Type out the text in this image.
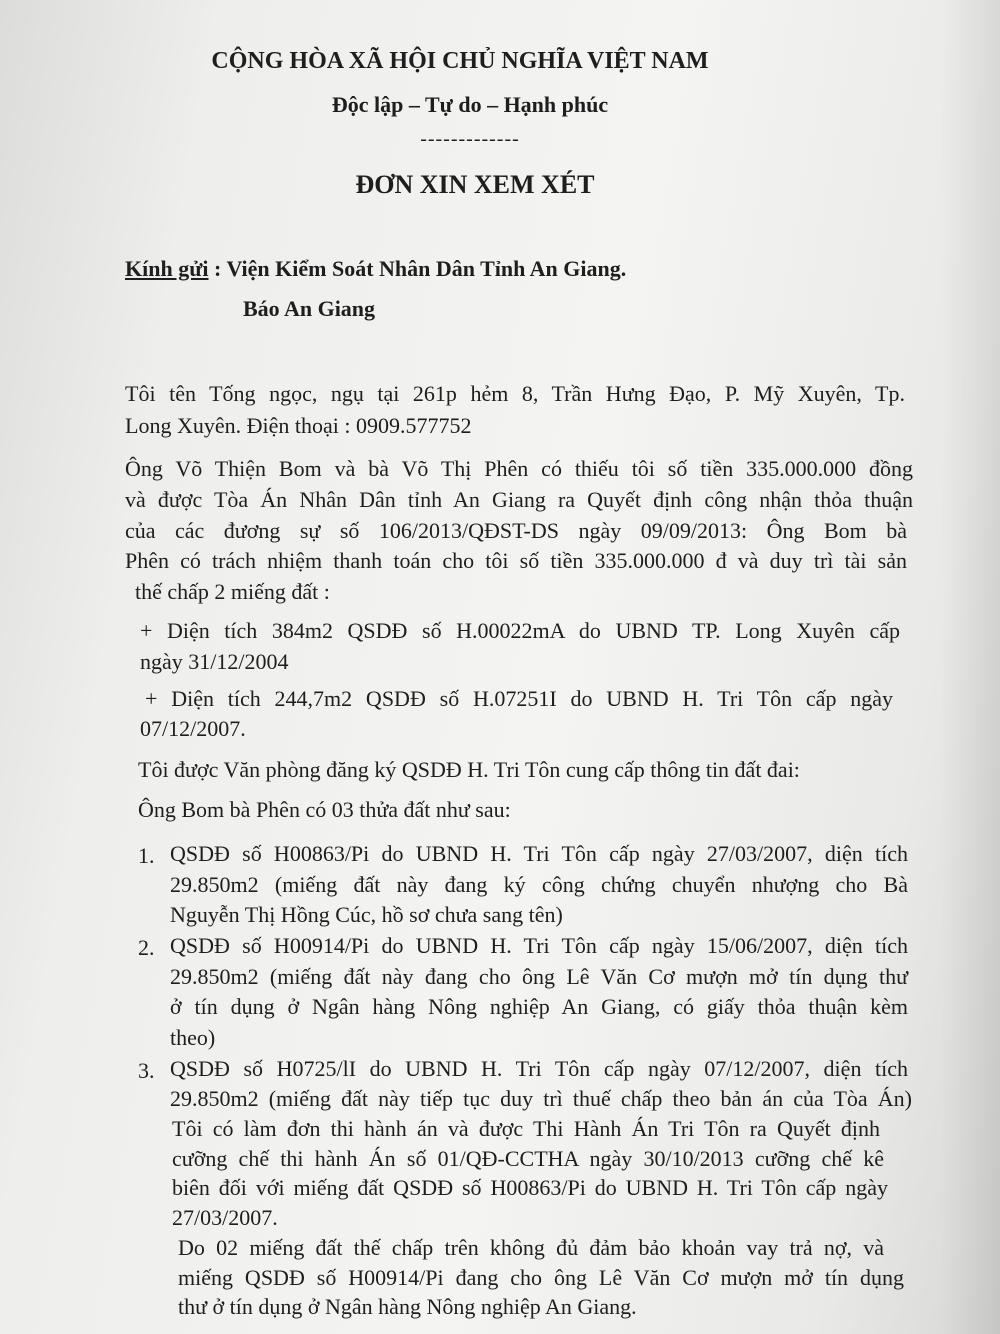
CỘNG HÒA XÃ HỘI CHỦ NGHĨA VIỆT NAM
Độc lập – Tự do – Hạnh phúc
-------------
ĐƠN XIN XEM XÉT
Kính gửi : Viện Kiểm Soát Nhân Dân Tỉnh An Giang.
Báo An Giang
Tôi tên Tống ngọc, ngụ tại 261p hẻm 8, Trần Hưng Đạo, P. Mỹ Xuyên, Tp.
Long Xuyên. Điện thoại : 0909.577752
Ông Võ Thiện Bom và bà Võ Thị Phên có thiếu tôi số tiền 335.000.000 đồng
và được Tòa Án Nhân Dân tỉnh An Giang ra Quyết định công nhận thỏa thuận
của các đương sự số 106/2013/QĐST-DS ngày 09/09/2013: Ông Bom bà
Phên có trách nhiệm thanh toán cho tôi số tiền 335.000.000 đ và duy trì tài sản
thế chấp 2 miếng đất :
+ Diện tích 384m2 QSDĐ số H.00022mA do UBND TP. Long Xuyên cấp
ngày 31/12/2004
+ Diện tích 244,7m2 QSDĐ số H.07251I do UBND H. Tri Tôn cấp ngày
07/12/2007.
Tôi được Văn phòng đăng ký QSDĐ H. Tri Tôn cung cấp thông tin đất đai:
Ông Bom bà Phên có 03 thửa đất như sau:
1. QSDĐ số H00863/Pi do UBND H. Tri Tôn cấp ngày 27/03/2007, diện tích
29.850m2 (miếng đất này đang ký công chứng chuyển nhượng cho Bà
Nguyễn Thị Hồng Cúc, hồ sơ chưa sang tên)
2. QSDĐ số H00914/Pi do UBND H. Tri Tôn cấp ngày 15/06/2007, diện tích
29.850m2 (miếng đất này đang cho ông Lê Văn Cơ mượn mở tín dụng thư
ở tín dụng ở Ngân hàng Nông nghiệp An Giang, có giấy thỏa thuận kèm
theo)
3. QSDĐ số H0725/lI do UBND H. Tri Tôn cấp ngày 07/12/2007, diện tích
29.850m2 (miếng đất này tiếp tục duy trì thuế chấp theo bản án của Tòa Án)
Tôi có làm đơn thi hành án và được Thi Hành Án Tri Tôn ra Quyết định
cưỡng chế thi hành Án số 01/QĐ-CCTHA ngày 30/10/2013 cưỡng chế kê
biên đối với miếng đất QSDĐ số H00863/Pi do UBND H. Tri Tôn cấp ngày
27/03/2007.
Do 02 miếng đất thế chấp trên không đủ đảm bảo khoản vay trả nợ, và
miếng QSDĐ số H00914/Pi đang cho ông Lê Văn Cơ mượn mở tín dụng
thư ở tín dụng ở Ngân hàng Nông nghiệp An Giang.
